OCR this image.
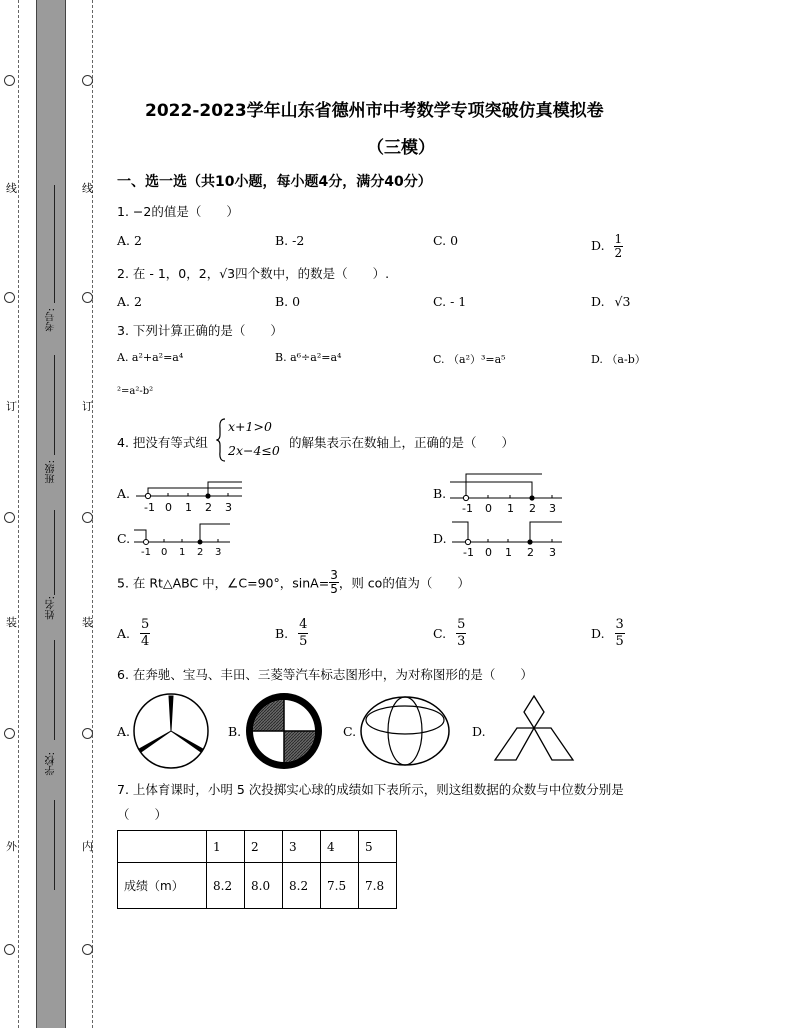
线
订
装
外
线
订
装
内
考号:
班级:
姓名:
学校:
2022-2023学年山东省德州市中考数学专项突破仿真模拟卷
（三模）
一、选一选（共10小题，每小题4分，满分40分）
1. −2的值是（　　）
A. 2	B. -2	C. 0	D. $\frac{1}{2}$
2. 在 - 1，0，2，√3四个数中，的数是（　　）.
A. 2	B. 0	C. - 1	D. √3
3. 下列计算正确的是（　　）
A. a²+a²=a⁴	B. a⁶÷a²=a⁴	C. （a²）³=a⁵	D. （a-b）
²=a²-b²
4. 把没有等式组
x+1>0
2x−4≤0
的解集表示在数轴上，正确的是（　　）
A.
-1 0 1 2 3
B.
-1 0 1 2 3
C.
-1 0 1 2 3
D.
-1 0 1 2 3
5. 在 Rt△ABC 中，∠C=90°，$\sin A= \frac{3}{5}$ ，则 co的值为（　　）
A. $\frac{5}{4}$	B. $\frac{4}{5}$	C. $\frac{5}{3}$	D. $\frac{3}{5}$
6. 在奔驰、宝马、丰田、三菱等汽车标志图形中，为对称图形的是（　　）
A.	B.	C.	D.
7. 上体育课时，小明 5 次投掷实心球的成绩如下表所示，则这组数据的众数与中位数分别是
（　　）
	1	2	3	4	5
成绩（m）	8.2	8.0	8.2	7.5	7.8
